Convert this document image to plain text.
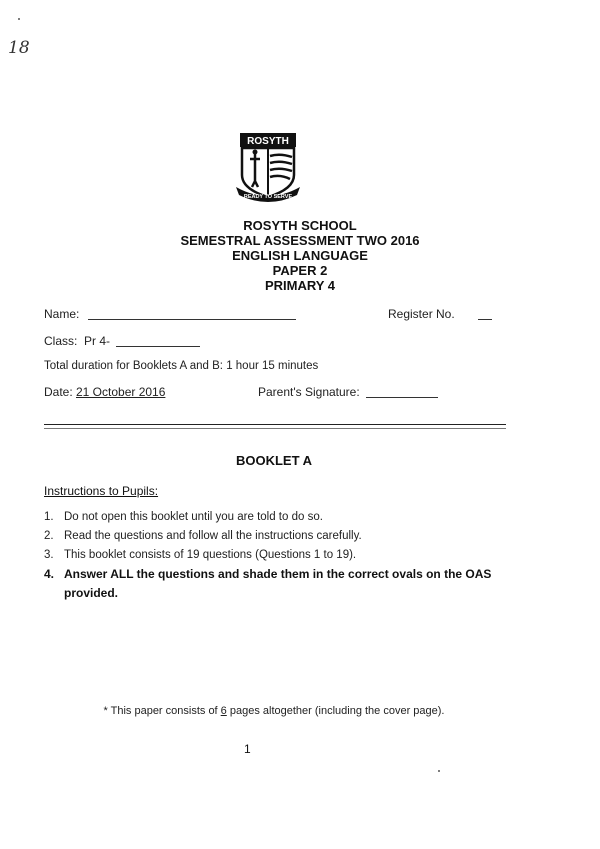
18
ROSYTH
READY TO SERVE
ROSYTH SCHOOL
SEMESTRAL ASSESSMENT TWO 2016
ENGLISH LANGUAGE
PAPER 2
PRIMARY 4
Name:	Register No.
Class: Pr 4-
Total duration for Booklets A and B: 1 hour 15 minutes
Date: 21 October 2016	Parent's Signature:
BOOKLET A
Instructions to Pupils:
1. Do not open this booklet until you are told to do so.
2. Read the questions and follow all the instructions carefully.
3. This booklet consists of 19 questions (Questions 1 to 19).
4. Answer ALL the questions and shade them in the correct ovals on the OAS
provided.
* This paper consists of 6 pages altogether (including the cover page).
1
